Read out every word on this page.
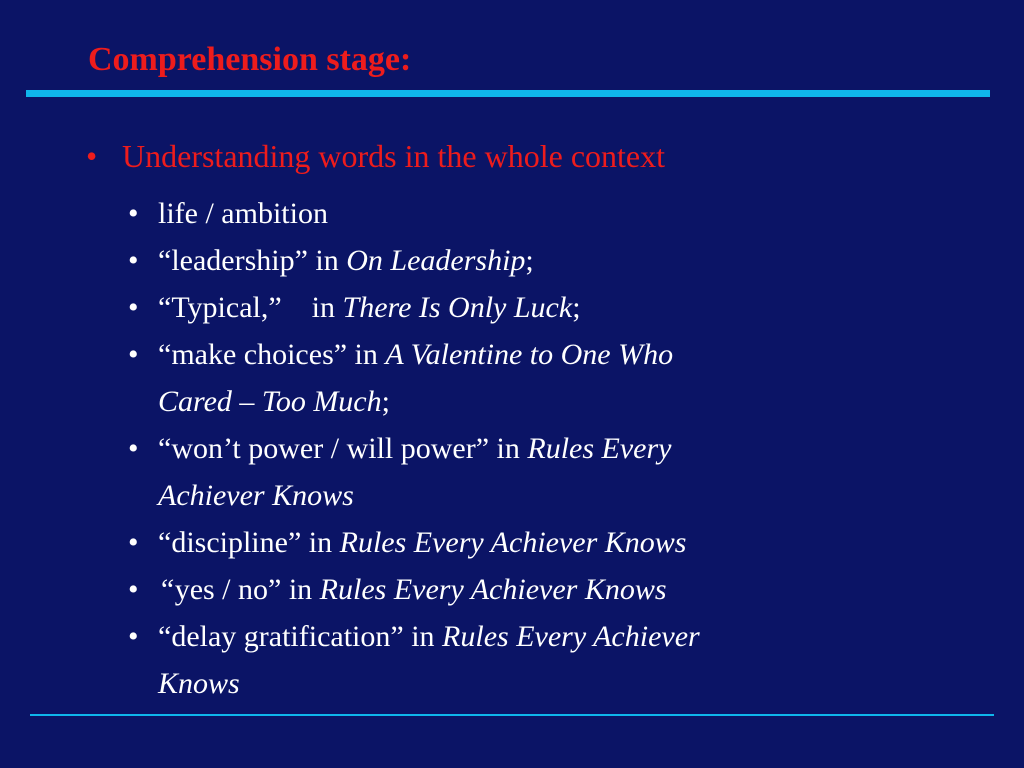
Comprehension stage:

• Understanding words in the whole context

• life / ambition
• “leadership” in On Leadership;
• “Typical,” in There Is Only Luck;
• “make choices” in A Valentine to One Who
Cared – Too Much;
• “won’t power / will power” in Rules Every
Achiever Knows
• “discipline” in Rules Every Achiever Knows
• “yes / no” in Rules Every Achiever Knows
• “delay gratification” in Rules Every Achiever
Knows
